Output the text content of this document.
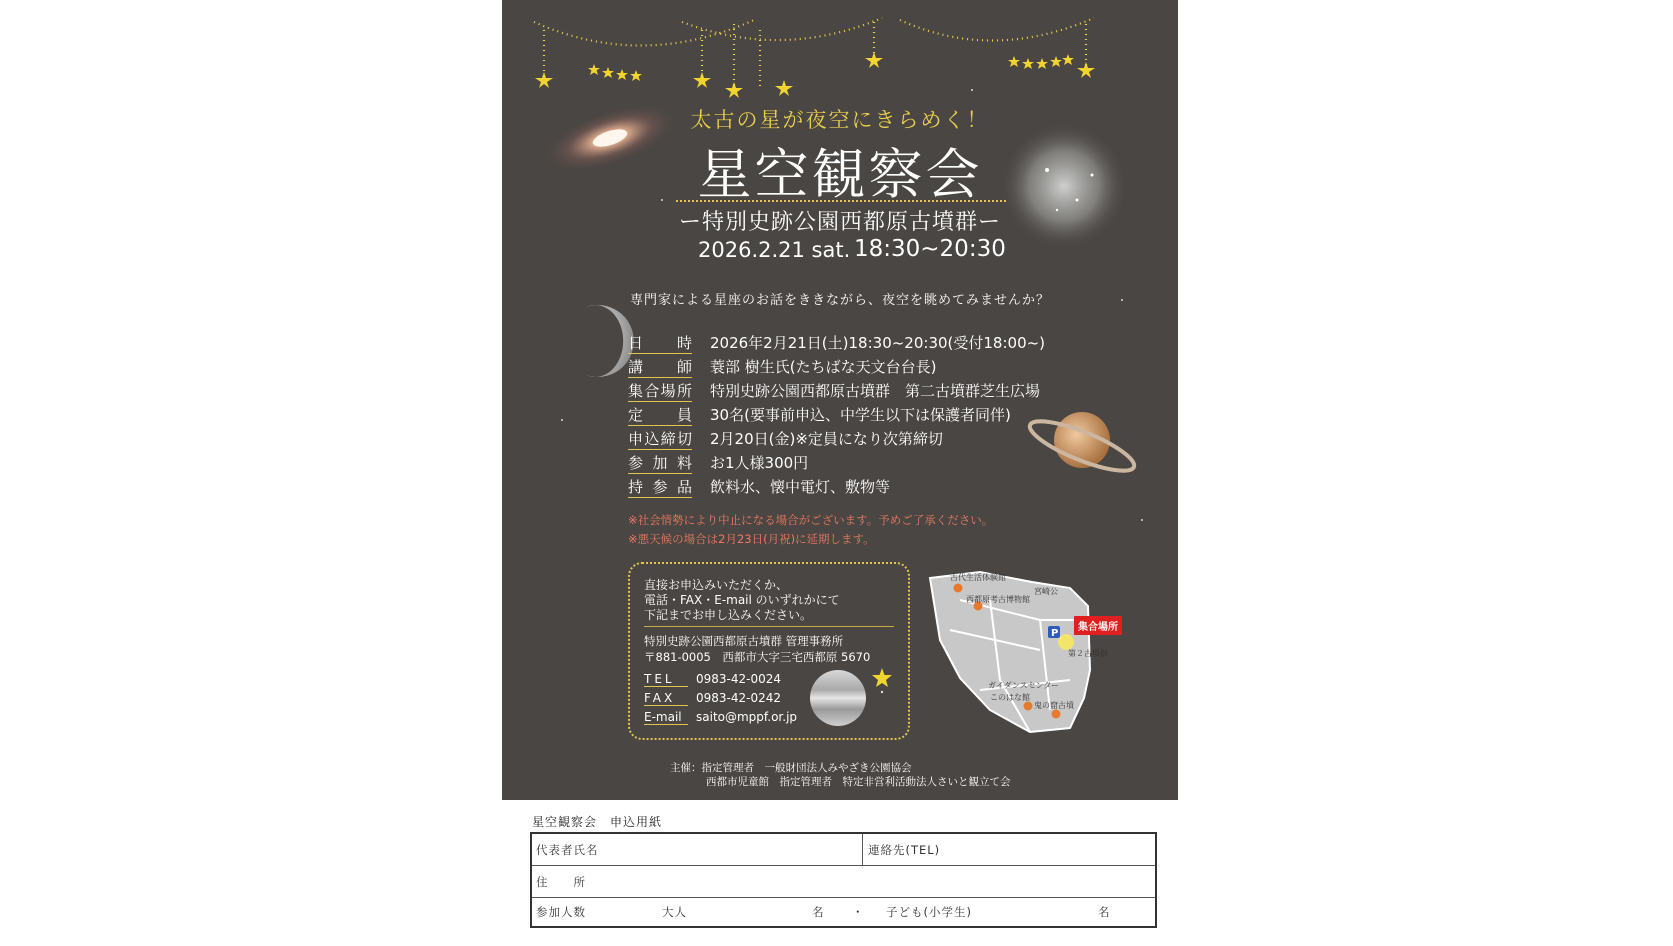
太古の星が夜空にきらめく！
星空観察会
ー特別史跡公園西都原古墳群ー
2026.2.21 sat. 18:30~20:30
専門家による星座のお話をききながら、夜空を眺めてみませんか？
日　時 2026年2月21日(土)18:30~20:30(受付18:00~)
講　師 蓑部 樹生氏(たちばな天文台台長)
集合場所 特別史跡公園西都原古墳群　第二古墳群芝生広場
定　員 30名(要事前申込、中学生以下は保護者同伴)
申込締切 2月20日(金)※定員になり次第締切
参加料 お1人様300円
持参品 飲料水、懐中電灯、敷物等
※社会情勢により中止になる場合がございます。予めご了承ください。
※悪天候の場合は2月23日(月祝)に延期します。
直接お申込みいただくか、
電話・FAX・E-mail のいずれかにて
下記までお申し込みください。
特別史跡公園西都原古墳群 管理事務所
〒881-0005　西都市大字三宅西都原 5670
TEL 0983-42-0024
FAX 0983-42-0242
E-mail saito@mppf.or.jp
P
古代生活体験館
西都原考古博物館
ガイダンスセンター
このはな館
鬼の窟古墳
第２古墳群
宮崎公
集合場所
主催：指定管理者　一般財団法人みやざき公園協会
西都市児童館　指定管理者　特定非営利活動法人さいと観立て会
星空観察会　申込用紙
代表者氏名	連絡先(TEL)
住　　所
参加人数	大人	名 ・ 子ども(小学生)	名
